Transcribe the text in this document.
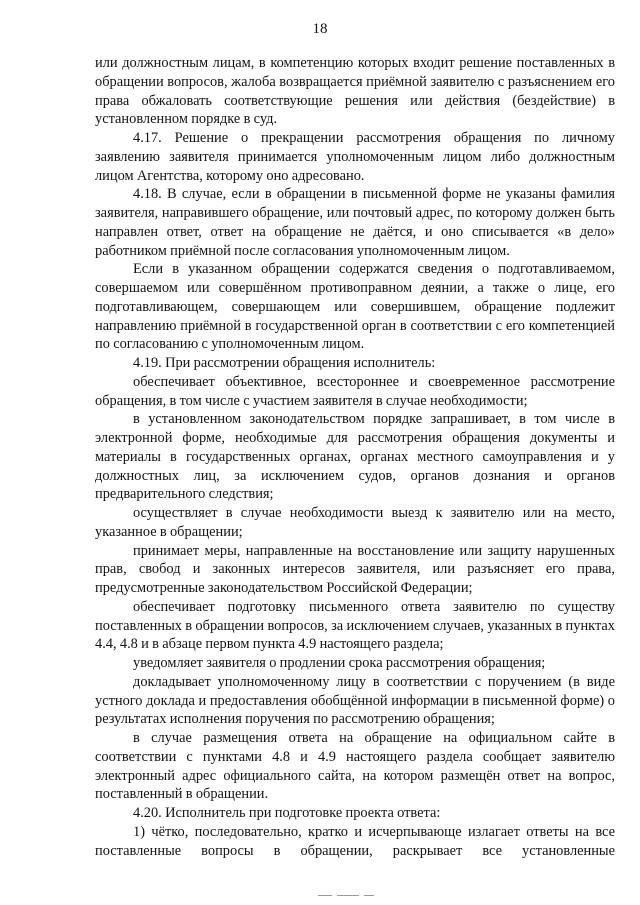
18

или должностным лицам, в компетенцию которых входит решение поставленных в обращении вопросов, жалоба возвращается приёмной заявителю с разъяснением его права обжаловать соответствующие решения или действия (бездействие) в установленном порядке в суд.

4.17. Решение о прекращении рассмотрения обращения по личному заявлению заявителя принимается уполномоченным лицом либо должностным лицом Агентства, которому оно адресовано.

4.18. В случае, если в обращении в письменной форме не указаны фамилия заявителя, направившего обращение, или почтовый адрес, по которому должен быть направлен ответ, ответ на обращение не даётся, и оно списывается «в дело» работником приёмной после согласования уполномоченным лицом.

Если в указанном обращении содержатся сведения о подготавливаемом, совершаемом или совершённом противоправном деянии, а также о лице, его подготавливающем, совершающем или совершившем, обращение подлежит направлению приёмной в государственной орган в соответствии с его компетенцией по согласованию с уполномоченным лицом.

4.19. При рассмотрении обращения исполнитель:

обеспечивает объективное, всестороннее и своевременное рассмотрение обращения, в том числе с участием заявителя в случае необходимости;

в установленном законодательством порядке запрашивает, в том числе в электронной форме, необходимые для рассмотрения обращения документы и материалы в государственных органах, органах местного самоуправления и у должностных лиц, за исключением судов, органов дознания и органов предварительного следствия;

осуществляет в случае необходимости выезд к заявителю или на место, указанное в обращении;

принимает меры, направленные на восстановление или защиту нарушенных прав, свобод и законных интересов заявителя, или разъясняет его права, предусмотренные законодательством Российской Федерации;

обеспечивает подготовку письменного ответа заявителю по существу поставленных в обращении вопросов, за исключением случаев, указанных в пунктах 4.4, 4.8 и в абзаце первом пункта 4.9 настоящего раздела;

уведомляет заявителя о продлении срока рассмотрения обращения;

докладывает уполномоченному лицу в соответствии с поручением (в виде устного доклада и предоставления обобщённой информации в письменной форме) о результатах исполнения поручения по рассмотрению обращения;

в случае размещения ответа на обращение на официальном сайте в соответствии с пунктами 4.8 и 4.9 настоящего раздела сообщает заявителю электронный адрес официального сайта, на котором размещён ответ на вопрос, поставленный в обращении.

4.20. Исполнитель при подготовке проекта ответа:

1) чётко, последовательно, кратко и исчерпывающе излагает ответы на все поставленные вопросы в обращении, раскрывает все установленные
